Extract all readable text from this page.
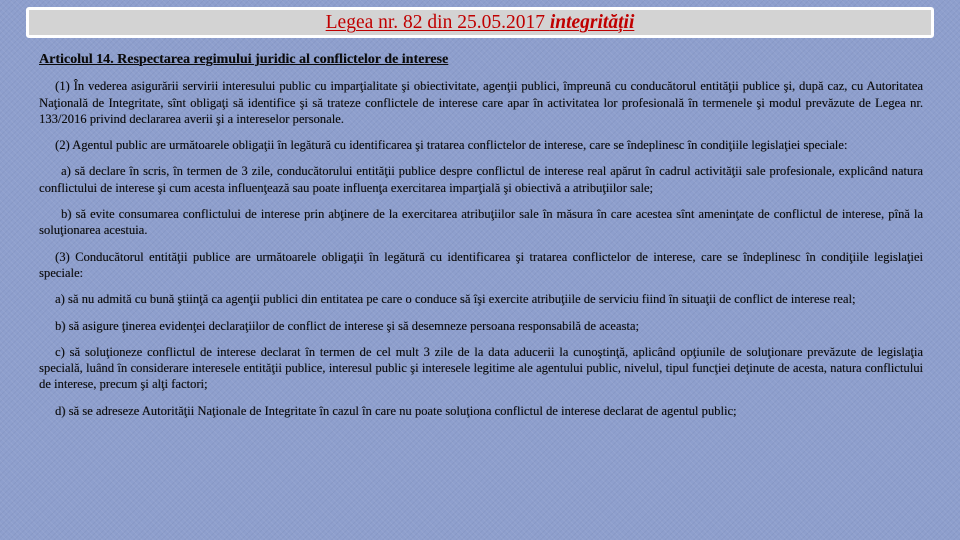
Legea nr. 82 din 25.05.2017 integrității

Articolul 14. Respectarea regimului juridic al conflictelor de interese

(1) În vederea asigurării servirii interesului public cu imparţialitate şi obiectivitate, agenţii publici, împreună cu conducătorul entităţii publice şi, după caz, cu Autoritatea Naţională de Integritate, sînt obligaţi să identifice şi să trateze conflictele de interese care apar în activitatea lor profesională în termenele şi modul prevăzute de Legea nr. 133/2016 privind declararea averii şi a intereselor personale.

(2) Agentul public are următoarele obligaţii în legătură cu identificarea şi tratarea conflictelor de interese, care se îndeplinesc în condiţiile legislaţiei speciale:

a) să declare în scris, în termen de 3 zile, conducătorului entităţii publice despre conflictul de interese real apărut în cadrul activităţii sale profesionale, explicând natura conflictului de interese şi cum acesta influenţează sau poate influenţa exercitarea imparţială şi obiectivă a atribuţiilor sale;

b) să evite consumarea conflictului de interese prin abţinere de la exercitarea atribuţiilor sale în măsura în care acestea sînt ameninţate de conflictul de interese, pînă la soluţionarea acestuia.

(3) Conducătorul entităţii publice are următoarele obligaţii în legătură cu identificarea şi tratarea conflictelor de interese, care se îndeplinesc în condiţiile legislaţiei speciale:

a) să nu admită cu bună ştiinţă ca agenţii publici din entitatea pe care o conduce să îşi exercite atribuţiile de serviciu fiind în situaţii de conflict de interese real;

b) să asigure ţinerea evidenţei declaraţiilor de conflict de interese şi să desemneze persoana responsabilă de aceasta;

c) să soluţioneze conflictul de interese declarat în termen de cel mult 3 zile de la data aducerii la cunoştinţă, aplicând opţiunile de soluţionare prevăzute de legislaţia specială, luând în considerare interesele entităţii publice, interesul public şi interesele legitime ale agentului public, nivelul, tipul funcţiei deţinute de acesta, natura conflictului de interese, precum şi alţi factori;

d) să se adreseze Autorităţii Naţionale de Integritate în cazul în care nu poate soluţiona conflictul de interese declarat de agentul public;
